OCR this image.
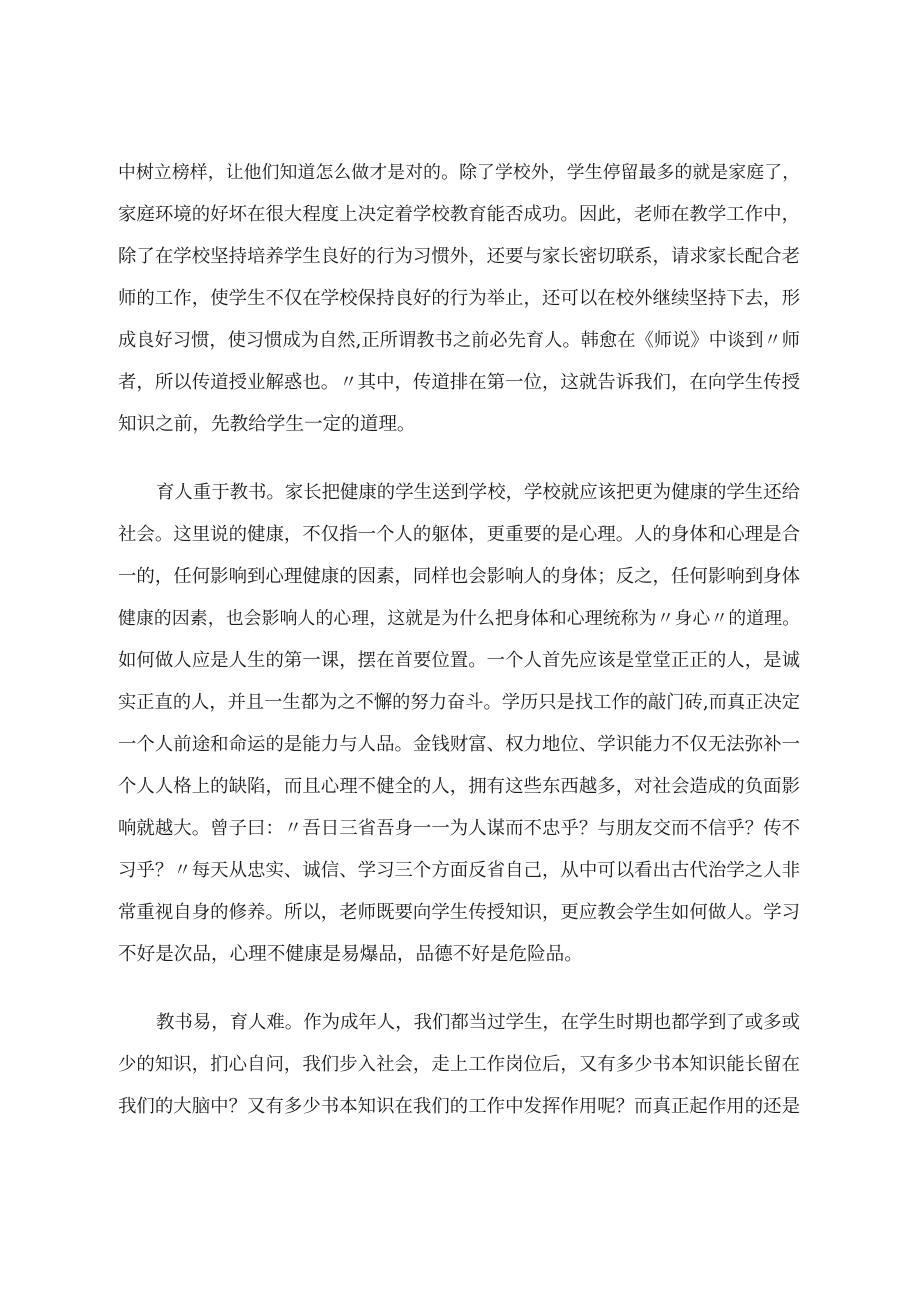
中树立榜样，让他们知道怎么做才是对的。除了学校外，学生停留最多的就是家庭了，
家庭环境的好坏在很大程度上决定着学校教育能否成功。因此，老师在教学工作中，
除了在学校坚持培养学生良好的行为习惯外，还要与家长密切联系，请求家长配合老
师的工作，使学生不仅在学校保持良好的行为举止，还可以在校外继续坚持下去，形
成良好习惯，使习惯成为自然,正所谓教书之前必先育人。韩愈在《师说》中谈到〃师
者，所以传道授业解惑也。〃其中，传道排在第一位，这就告诉我们，在向学生传授
知识之前，先教给学生一定的道理。
育人重于教书。家长把健康的学生送到学校，学校就应该把更为健康的学生还给
社会。这里说的健康，不仅指一个人的躯体，更重要的是心理。人的身体和心理是合
一的，任何影响到心理健康的因素，同样也会影响人的身体；反之，任何影响到身体
健康的因素，也会影响人的心理，这就是为什么把身体和心理统称为〃身心〃的道理。
如何做人应是人生的第一课，摆在首要位置。一个人首先应该是堂堂正正的人，是诚
实正直的人，并且一生都为之不懈的努力奋斗。学历只是找工作的敲门砖,而真正决定
一个人前途和命运的是能力与人品。金钱财富、权力地位、学识能力不仅无法弥补一
个人人格上的缺陷，而且心理不健全的人，拥有这些东西越多，对社会造成的负面影
响就越大。曾子曰：〃吾日三省吾身一一为人谋而不忠乎？与朋友交而不信乎？传不
习乎？〃每天从忠实、诚信、学习三个方面反省自己，从中可以看出古代治学之人非
常重视自身的修养。所以，老师既要向学生传授知识，更应教会学生如何做人。学习
不好是次品，心理不健康是易爆品，品德不好是危险品。
教书易，育人难。作为成年人，我们都当过学生，在学生时期也都学到了或多或
少的知识，扪心自问，我们步入社会，走上工作岗位后，又有多少书本知识能长留在
我们的大脑中？又有多少书本知识在我们的工作中发挥作用呢？而真正起作用的还是
